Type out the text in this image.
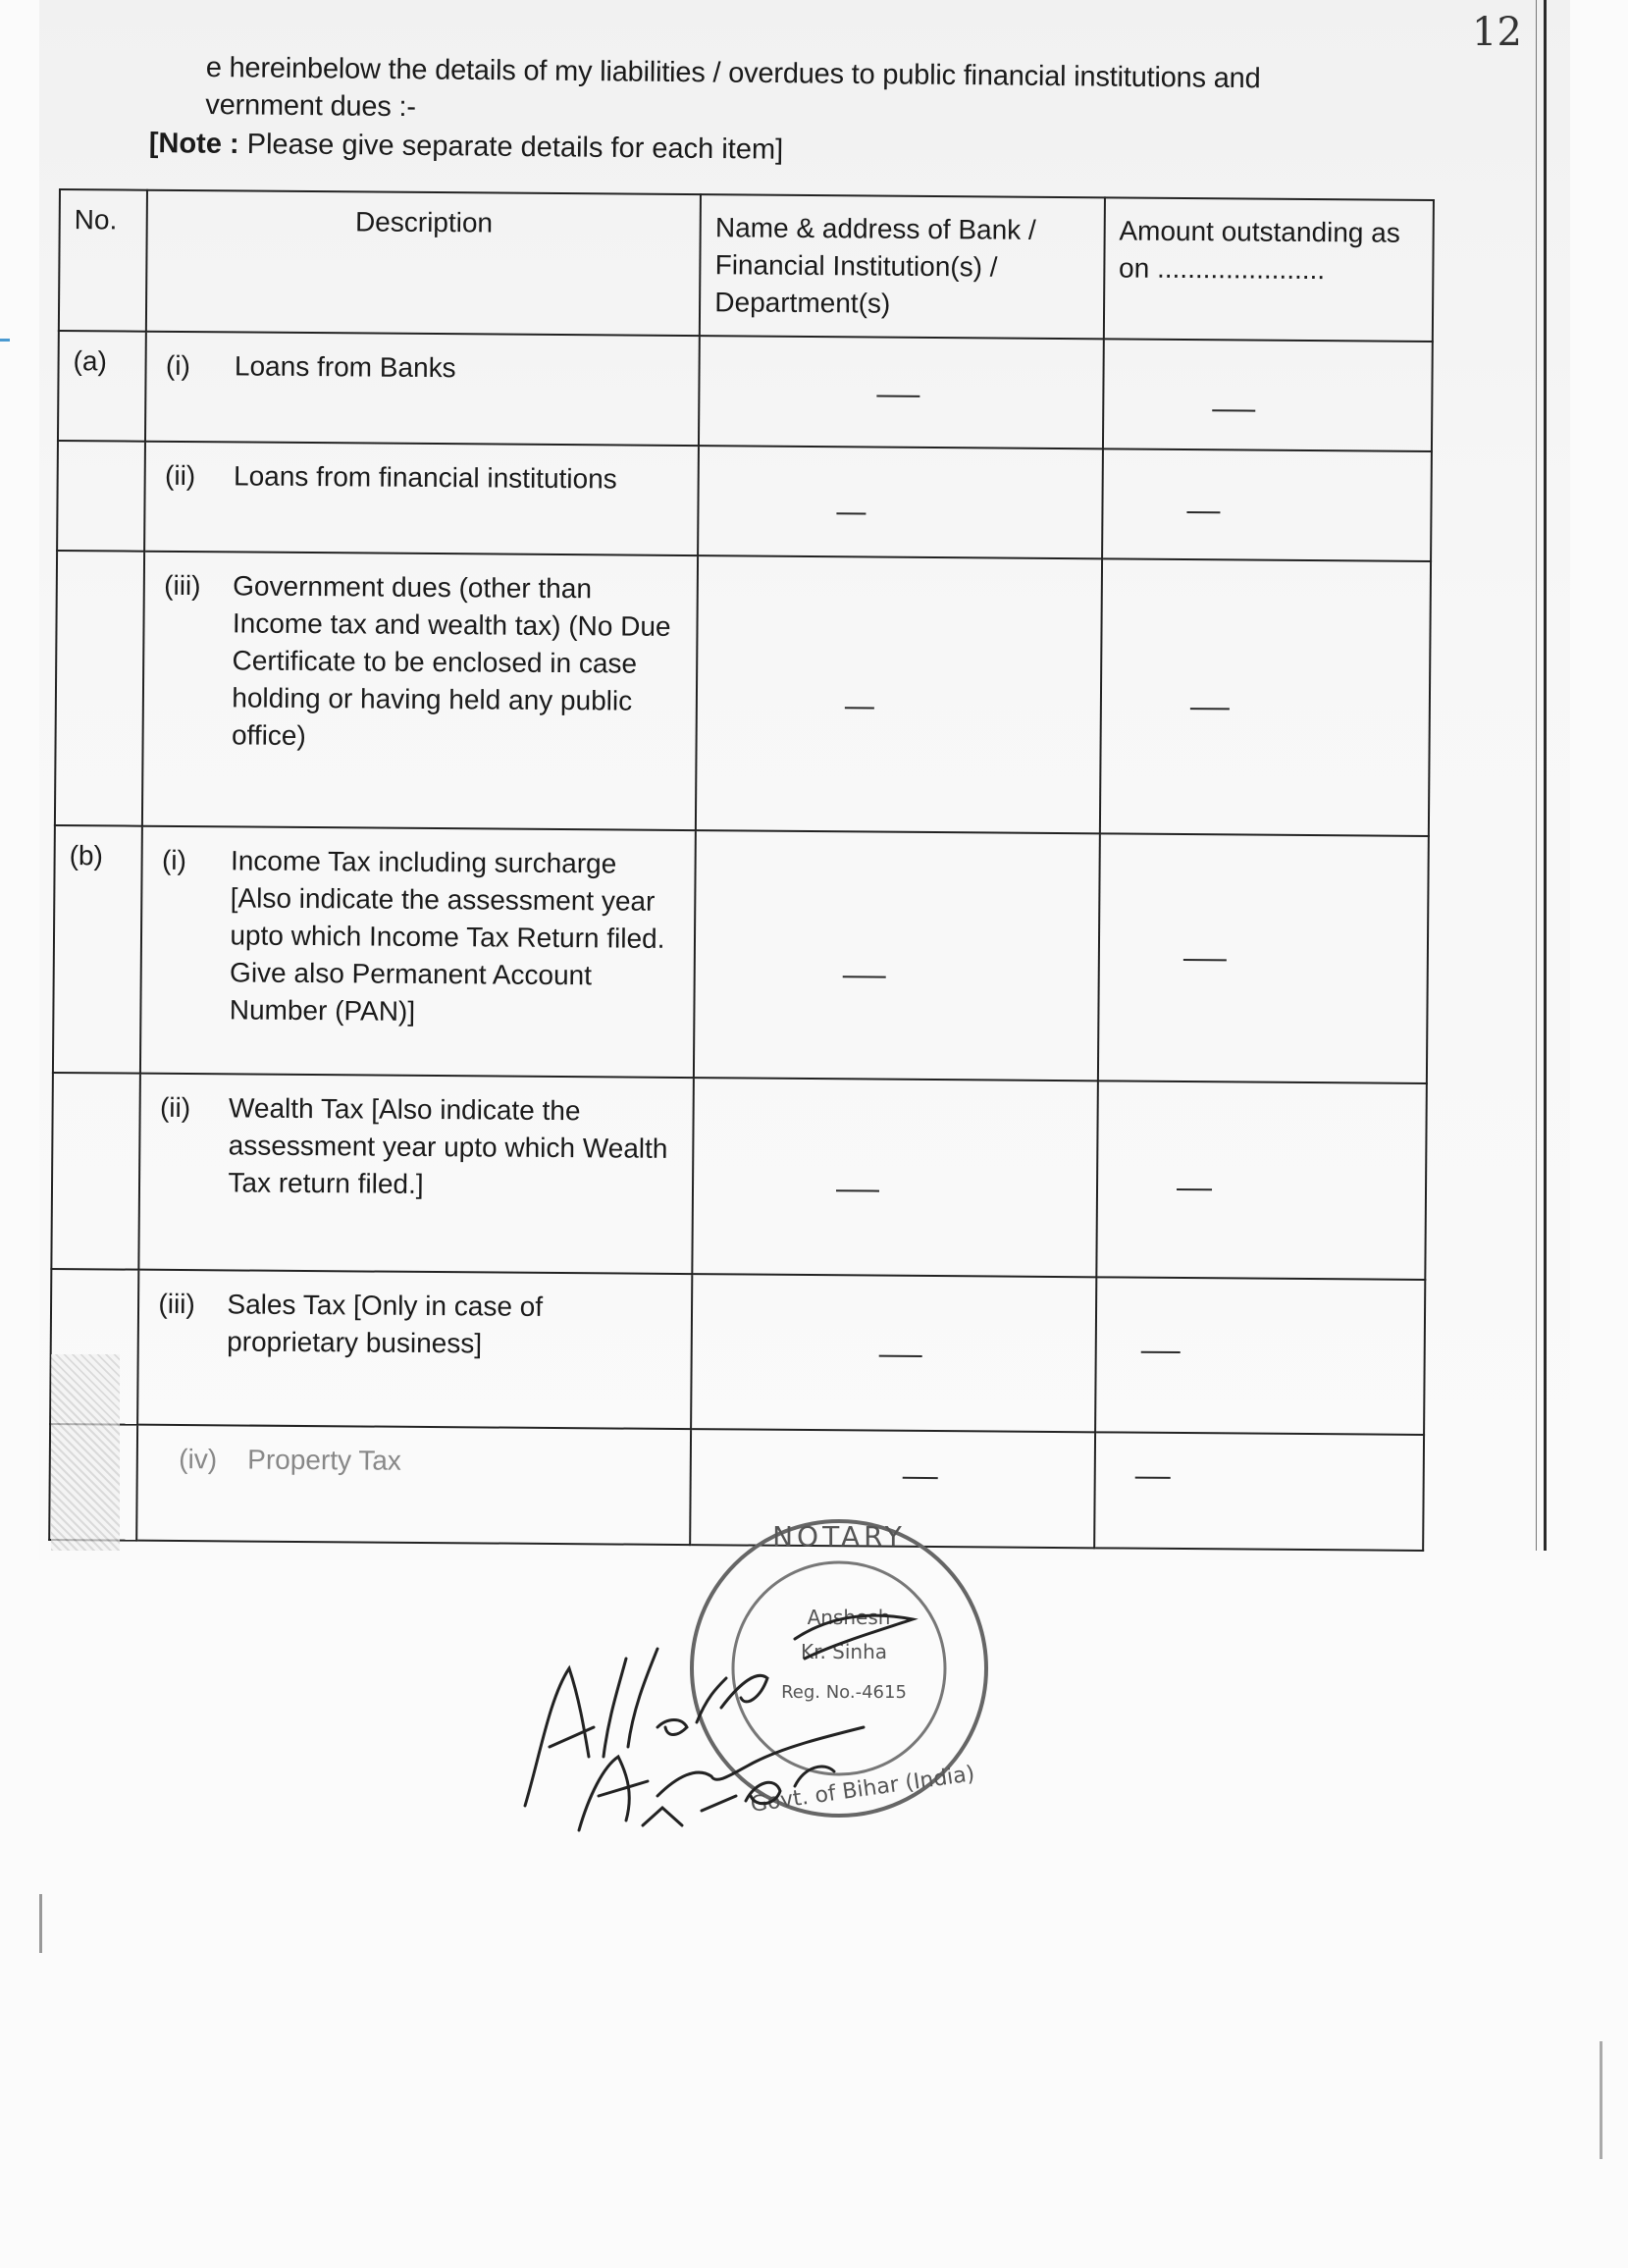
12
e hereinbelow the details of my liabilities / overdues to public financial institutions and
vernment dues :-
[Note : Please give separate details for each item]
No.	Description	Name & address of Bank / Financial Institution(s) / Department(s)	Amount outstanding as on ......................
(a)	(i) Loans from Banks		

	(ii) Loans from financial institutions		

	(iii) Government dues (other than Income tax and wealth tax) (No Due Certificate to be enclosed in case holding or having held any public office)		

(b)	(i) Income Tax including surcharge [Also indicate the assessment year upto which Income Tax Return filed. Give also Permanent Account Number (PAN)]		

	(ii) Wealth Tax [Also indicate the assessment year upto which Wealth Tax return filed.]		

	(iii) Sales Tax [Only in case of proprietary business]		

	(iv) Property Tax		

NOTARY
Anshesh
Kr. Sinha
Reg. No.-4615
Govt. of Bihar (India)
